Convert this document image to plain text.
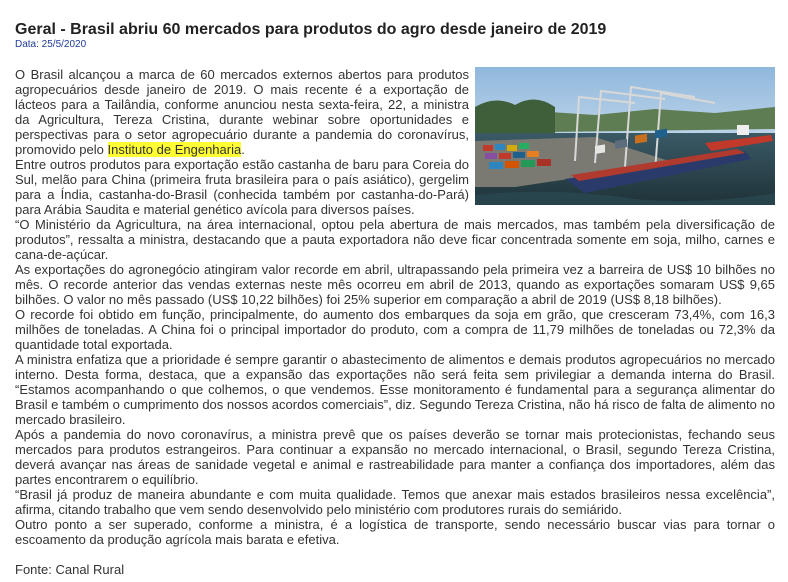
Geral - Brasil abriu 60 mercados para produtos do agro desde janeiro de 2019

Data: 25/5/2020

O Brasil alcançou a marca de 60 mercados externos abertos para produtos agropecuários desde janeiro de 2019. O mais recente é a exportação de lácteos para a Tailândia, conforme anunciou nesta sexta-feira, 22, a ministra da Agricultura, Tereza Cristina, durante webinar sobre oportunidades e perspectivas para o setor agropecuário durante a pandemia do coronavírus, promovido pelo Instituto de Engenharia.

Entre outros produtos para exportação estão castanha de baru para Coreia do Sul, melão para China (primeira fruta brasileira para o país asiático), gergelim para a Índia, castanha-do-Brasil (conhecida também por castanha-do-Pará) para Arábia Saudita e material genético avícola para diversos países.

“O Ministério da Agricultura, na área internacional, optou pela abertura de mais mercados, mas também pela diversificação de produtos”, ressalta a ministra, destacando que a pauta exportadora não deve ficar concentrada somente em soja, milho, carnes e cana-de-açúcar.

As exportações do agronegócio atingiram valor recorde em abril, ultrapassando pela primeira vez a barreira de US$ 10 bilhões no mês. O recorde anterior das vendas externas neste mês ocorreu em abril de 2013, quando as exportações somaram US$ 9,65 bilhões. O valor no mês passado (US$ 10,22 bilhões) foi 25% superior em comparação a abril de 2019 (US$ 8,18 bilhões).

O recorde foi obtido em função, principalmente, do aumento dos embarques da soja em grão, que cresceram 73,4%, com 16,3 milhões de toneladas. A China foi o principal importador do produto, com a compra de 11,79 milhões de toneladas ou 72,3% da quantidade total exportada.

A ministra enfatiza que a prioridade é sempre garantir o abastecimento de alimentos e demais produtos agropecuários no mercado interno. Desta forma, destaca, que a expansão das exportações não será feita sem privilegiar a demanda interna do Brasil. “Estamos acompanhando o que colhemos, o que vendemos. Esse monitoramento é fundamental para a segurança alimentar do Brasil e também o cumprimento dos nossos acordos comerciais”, diz. Segundo Tereza Cristina, não há risco de falta de alimento no mercado brasileiro.

Após a pandemia do novo coronavírus, a ministra prevê que os países deverão se tornar mais protecionistas, fechando seus mercados para produtos estrangeiros. Para continuar a expansão no mercado internacional, o Brasil, segundo Tereza Cristina, deverá avançar nas áreas de sanidade vegetal e animal e rastreabilidade para manter a confiança dos importadores, além das partes encontrarem o equilíbrio.

“Brasil já produz de maneira abundante e com muita qualidade. Temos que anexar mais estados brasileiros nessa excelência”, afirma, citando trabalho que vem sendo desenvolvido pelo ministério com produtores rurais do semiárido.

Outro ponto a ser superado, conforme a ministra, é a logística de transporte, sendo necessário buscar vias para tornar o escoamento da produção agrícola mais barata e efetiva.

Fonte: Canal Rural
